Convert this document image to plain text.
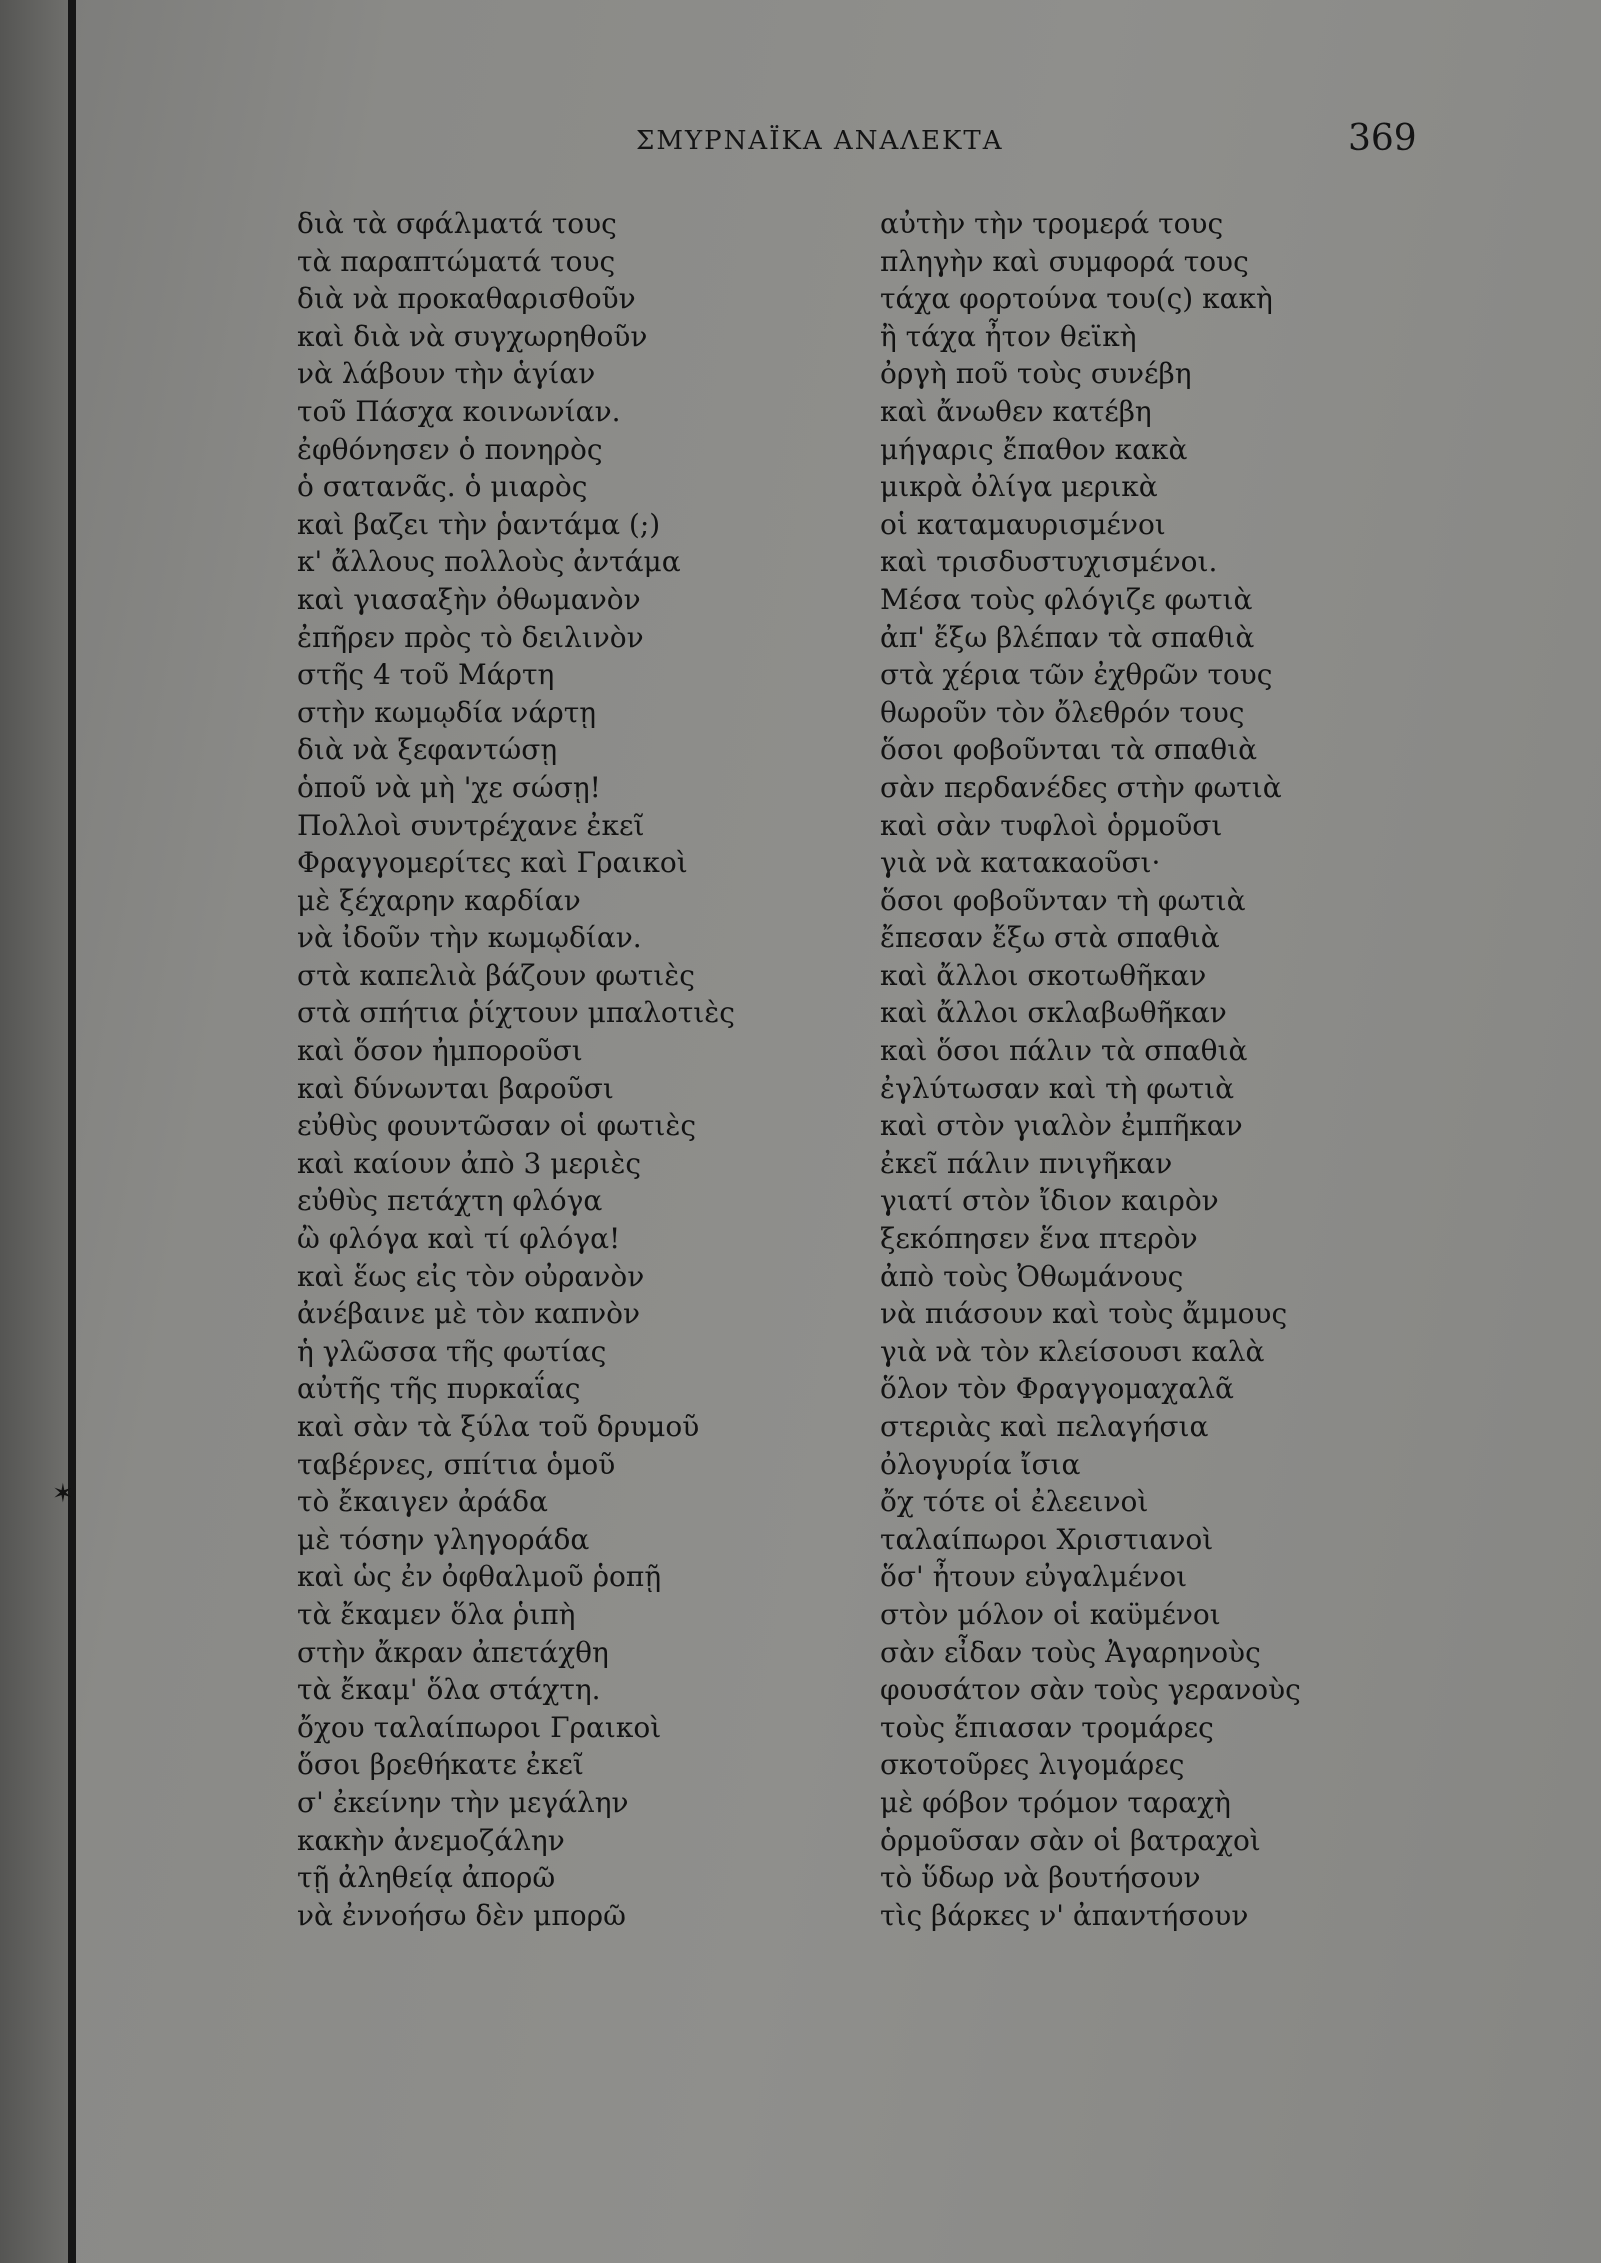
✶
ΣΜΥΡΝΑΪΚΑ ΑΝΑΛΕΚΤΑ	369
διὰ τὰ σφάλματά τους
τὰ παραπτώματά τους
διὰ νὰ προκαθαρισθοῦν
καὶ διὰ νὰ συγχωρηθοῦν
νὰ λάβουν τὴν ἁγίαν
τοῦ Πάσχα κοινωνίαν.
ἐφθόνησεν ὁ πονηρὸς
ὁ σατανᾶς. ὁ μιαρὸς
καὶ βαζει τὴν ῥαντάμα (;)
κ' ἄλλους πολλοὺς ἀντάμα
καὶ γιασαξὴν ὀθωμανὸν
ἐπῆρεν πρὸς τὸ δειλινὸν
στῆς 4 τοῦ Μάρτη
στὴν κωμῳδία νάρτῃ
διὰ νὰ ξεφαντώσῃ
ὁποῦ νὰ μὴ 'χε σώσῃ!
Πολλοὶ συντρέχανε ἐκεῖ
Φραγγομερίτες καὶ Γραικοὶ
μὲ ξέχαρην καρδίαν
νὰ ἰδοῦν τὴν κωμῳδίαν.
στὰ καπελιὰ βάζουν φωτιὲς
στὰ σπήτια ῥίχτουν μπαλοτιὲς
καὶ ὅσον ἠμποροῦσι
καὶ δύνωνται βαροῦσι
εὐθὺς φουντῶσαν οἱ φωτιὲς
καὶ καίουν ἀπὸ 3 μεριὲς
εὐθὺς πετάχτη φλόγα
ὢ φλόγα καὶ τί φλόγα!
καὶ ἕως εἰς τὸν οὐρανὸν
ἀνέβαινε μὲ τὸν καπνὸν
ἡ γλῶσσα τῆς φωτίας
αὐτῆς τῆς πυρκαΐας
καὶ σὰν τὰ ξύλα τοῦ δρυμοῦ
ταβέρνες, σπίτια ὁμοῦ
τὸ ἔκαιγεν ἀράδα
μὲ τόσην γληγοράδα
καὶ ὡς ἐν ὀφθαλμοῦ ῥοπῇ
τὰ ἔκαμεν ὅλα ῥιπὴ
στὴν ἄκραν ἀπετάχθη
τὰ ἔκαμ' ὅλα στάχτη.
ὄχου ταλαίπωροι Γραικοὶ
ὅσοι βρεθήκατε ἐκεῖ
σ' ἐκείνην τὴν μεγάλην
κακὴν ἀνεμοζάλην
τῇ ἀληθείᾳ ἀπορῶ
νὰ ἐννοήσω δὲν μπορῶ
αὐτὴν τὴν τρομερά τους
πληγὴν καὶ συμφορά τους
τάχα φορτούνα του(ς) κακὴ
ἢ τάχα ἦτον θεϊκὴ
ὀργὴ ποῦ τοὺς συνέβη
καὶ ἄνωθεν κατέβη
μήγαρις ἔπαθον κακὰ
μικρὰ ὀλίγα μερικὰ
οἱ καταμαυρισμένοι
καὶ τρισδυστυχισμένοι.
Μέσα τοὺς φλόγιζε φωτιὰ
ἀπ' ἔξω βλέπαν τὰ σπαθιὰ
στὰ χέρια τῶν ἐχθρῶν τους
θωροῦν τὸν ὄλεθρόν τους
ὅσοι φοβοῦνται τὰ σπαθιὰ
σὰν περδανέδες στὴν φωτιὰ
καὶ σὰν τυφλοὶ ὁρμοῦσι
γιὰ νὰ κατακαοῦσι·
ὅσοι φοβοῦνταν τὴ φωτιὰ
ἔπεσαν ἔξω στὰ σπαθιὰ
καὶ ἄλλοι σκοτωθῆκαν
καὶ ἄλλοι σκλαβωθῆκαν
καὶ ὅσοι πάλιν τὰ σπαθιὰ
ἐγλύτωσαν καὶ τὴ φωτιὰ
καὶ στὸν γιαλὸν ἐμπῆκαν
ἐκεῖ πάλιν πνιγῆκαν
γιατί στὸν ἴδιον καιρὸν
ξεκόπησεν ἕνα πτερὸν
ἀπὸ τοὺς Ὀθωμάνους
νὰ πιάσουν καὶ τοὺς ἄμμους
γιὰ νὰ τὸν κλείσουσι καλὰ
ὅλον τὸν Φραγγομαχαλᾶ
στεριὰς καὶ πελαγήσια
ὀλογυρία ἴσια
ὄχ τότε οἱ ἐλεεινοὶ
ταλαίπωροι Χριστιανοὶ
ὅσ' ἦτουν εὐγαλμένοι
στὸν μόλον οἱ καϋμένοι
σὰν εἶδαν τοὺς Ἀγαρηνοὺς
φουσάτον σὰν τοὺς γερανοὺς
τοὺς ἔπιασαν τρομάρες
σκοτοῦρες λιγομάρες
μὲ φόβον τρόμον ταραχὴ
ὁρμοῦσαν σὰν οἱ βατραχοὶ
τὸ ὕδωρ νὰ βουτήσουν
τὶς βάρκες ν' ἀπαντήσουν
